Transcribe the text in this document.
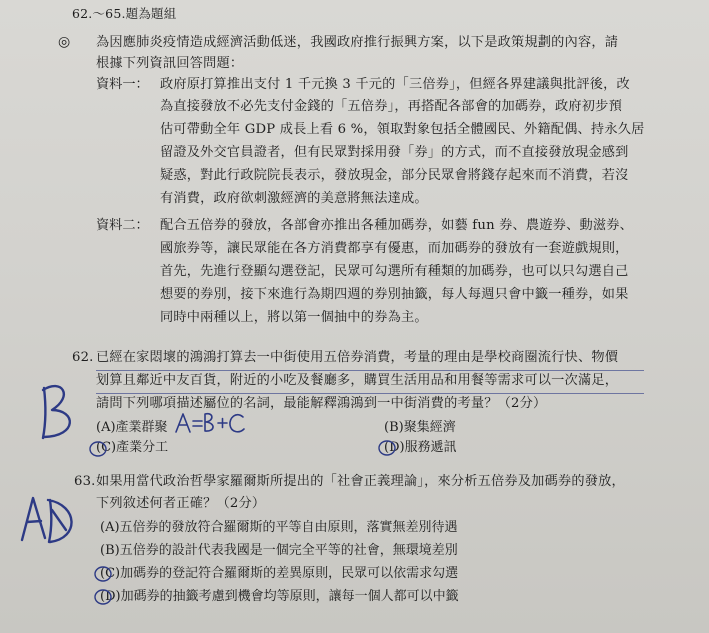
62.～65.題為題組
◎ 為因應肺炎疫情造成經濟活動低迷，我國政府推行振興方案，以下是政策規劃的內容，請
根據下列資訊回答問題：
資料一： 政府原打算推出支付 1 千元換 3 千元的「三倍券」，但經各界建議與批評後，改
為直接發放不必先支付金錢的「五倍券」，再搭配各部會的加碼券，政府初步預
估可帶動全年 GDP 成長上看 6 %，領取對象包括全體國民、外籍配偶、持永久居
留證及外交官員證者，但有民眾對採用發「券」的方式，而不直接發放現金感到
疑惑，對此行政院院長表示，發放現金，部分民眾會將錢存起來而不消費，若沒
有消費，政府欲刺激經濟的美意將無法達成。
資料二： 配合五倍券的發放，各部會亦推出各種加碼券，如藝 fun 券、農遊券、動滋券、
國旅券等，讓民眾能在各方消費都享有優惠，而加碼券的發放有一套遊戲規則，
首先，先進行登顯勾選登記，民眾可勾選所有種類的加碼券，也可以只勾選自己
想要的券別，接下來進行為期四週的券別抽籤，每人每週只會中籤一種券，如果
同時中兩種以上，將以第一個抽中的券為主。
62. 已經在家悶壞的鴻鴻打算去一中街使用五倍券消費，考量的理由是學校商圈流行快、物價
划算且鄰近中友百貨，附近的小吃及餐廳多，購買生活用品和用餐等需求可以一次滿足，
請問下列哪項描述屬位的名詞，最能解釋鴻鴻到一中街消費的考量？（2分）
(A)產業群聚	(B)聚集經濟
(C)產業分工	(D)服務遞訊
63. 如果用當代政治哲學家羅爾斯所提出的「社會正義理論」，來分析五倍券及加碼券的發放，
下列敘述何者正確？（2分）
(A)五倍券的發放符合羅爾斯的平等自由原則，落實無差別待遇
(B)五倍券的設計代表我國是一個完全平等的社會，無環境差別
(C)加碼券的登記符合羅爾斯的差異原則，民眾可以依需求勾選
(D)加碼券的抽籤考慮到機會均等原則，讓每一個人都可以中籤
